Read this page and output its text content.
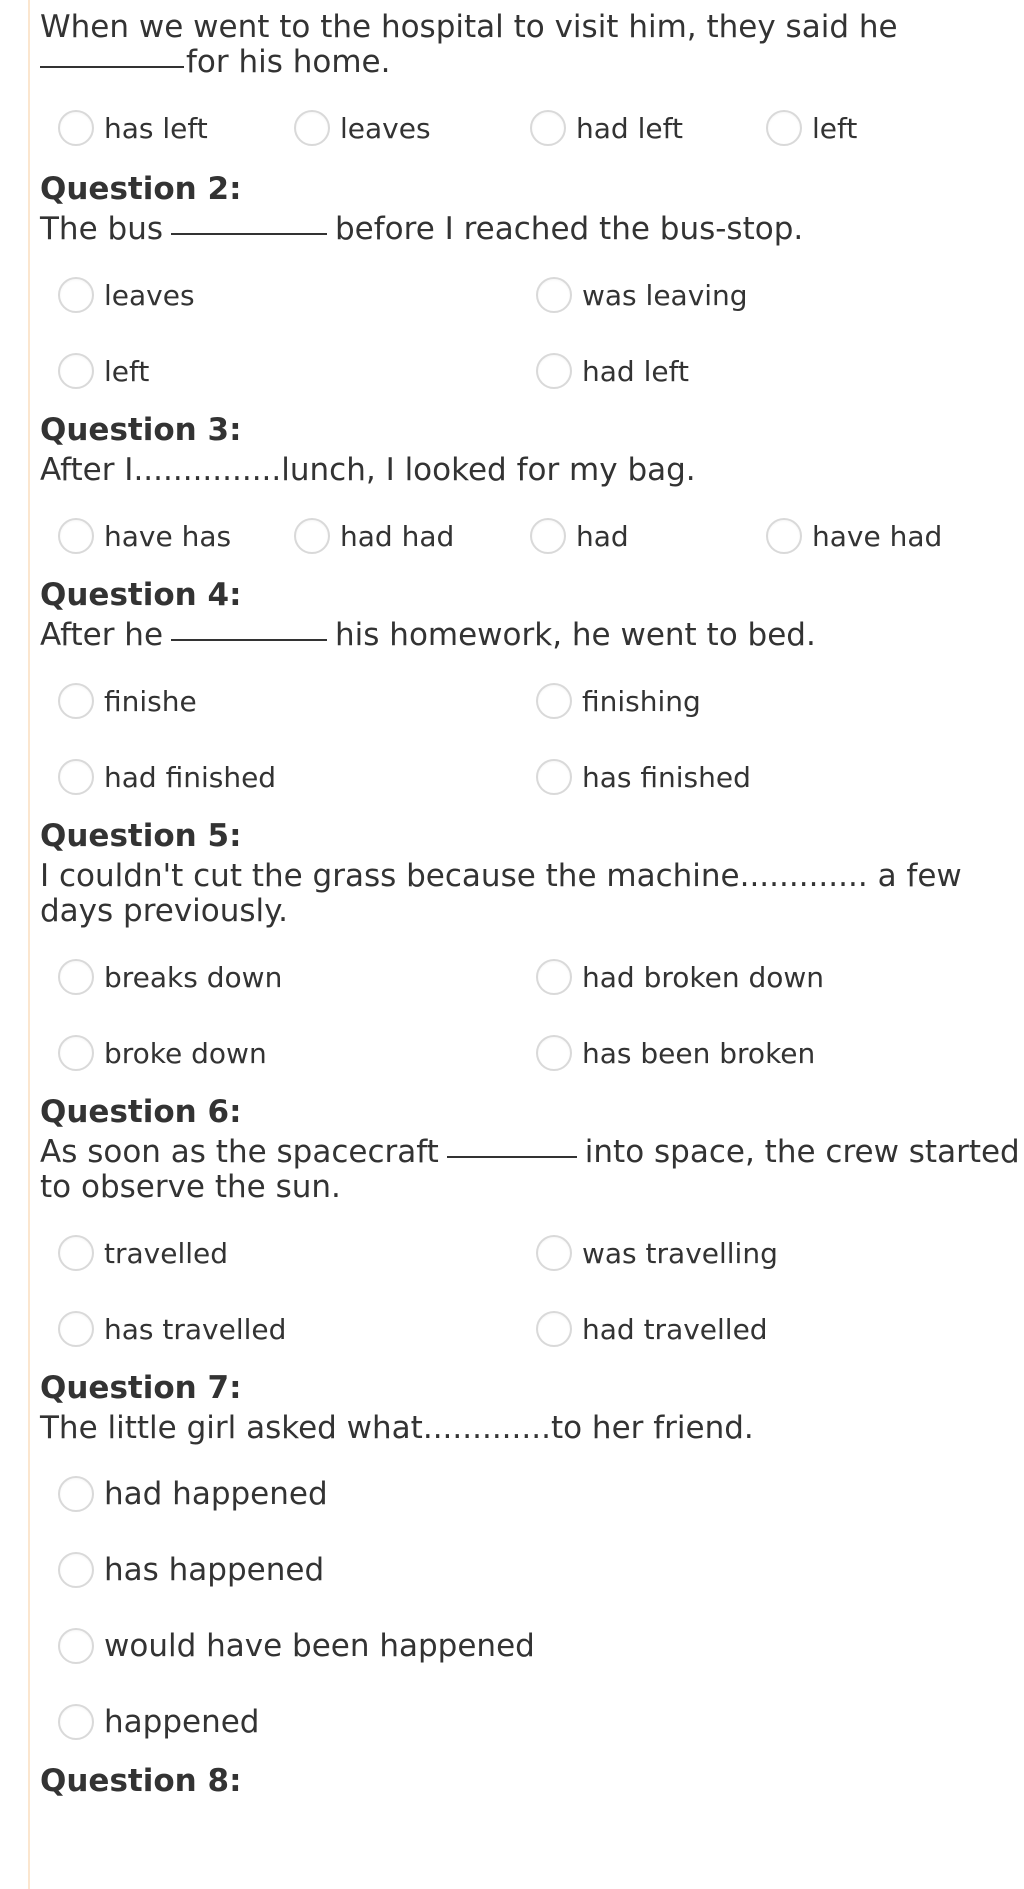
When we went to the hospital to visit him, they said he
for his home.

has left	leaves	had left	left
Question 2:

The bus	before I reached the bus-stop.

leaves	was leaving
left	had left
Question 3:

After I...............lunch, I looked for my bag.

have has	had had	had	have had
Question 4:

After he	his homework, he went to bed.

finishe	finishing
had finished	has finished
Question 5:

I couldn't cut the grass because the machine............. a few days previously.

breaks down	had broken down
broke down	has been broken
Question 6:

As soon as the spacecraft	into space, the crew started to observe the sun.

travelled	was travelling
has travelled	had travelled
Question 7:

The little girl asked what.............to her friend.

had happened
has happened
would have been happened
happened
Question 8:
